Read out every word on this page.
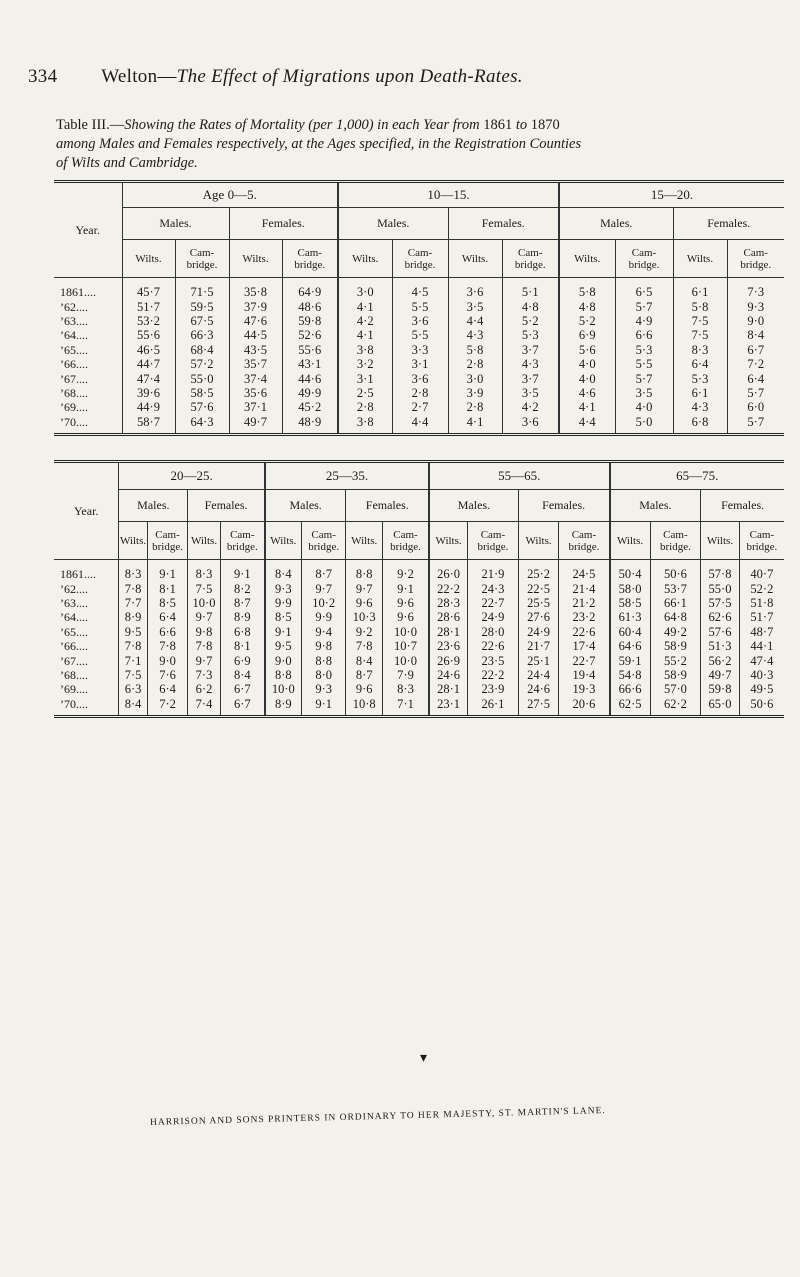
334 Welton—The Effect of Migrations upon Death-Rates.
Table III.—Showing the Rates of Mortality (per 1,000) in each Year from 1861 to 1870
among Males and Females respectively, at the Ages specified, in the Registration Counties
of Wilts and Cambridge.
Year.	Age 0—5.				10—15.				15—20.			
	Males.		Females.		Males.		Females.		Males.		Females.	
	Wilts.	Cam-
bridge.	Wilts.	Cam-
bridge.	Wilts.	Cam-
bridge.	Wilts.	Cam-
bridge.	Wilts.	Cam-
bridge.	Wilts.	Cam-
bridge.
1861....	45·7	71·5	35·8	64·9	3·0	4·5	3·6	5·1	5·8	6·5	6·1	7·3
’62....	51·7	59·5	37·9	48·6	4·1	5·5	3·5	4·8	4·8	5·7	5·8	9·3
’63....	53·2	67·5	47·6	59·8	4·2	3·6	4·4	5·2	5·2	4·9	7·5	9·0
’64....	55·6	66·3	44·5	52·6	4·1	5·5	4·3	5·3	6·9	6·6	7·5	8·4
’65....	46·5	68·4	43·5	55·6	3·8	3·3	5·8	3·7	5·6	5·3	8·3	6·7
’66....	44·7	57·2	35·7	43·1	3·2	3·1	2·8	4·3	4·0	5·5	6·4	7·2
’67....	47·4	55·0	37·4	44·6	3·1	3·6	3·0	3·7	4·0	5·7	5·3	6·4
’68....	39·6	58·5	35·6	49·9	2·5	2·8	3·9	3·5	4·6	3·5	6·1	5·7
’69....	44·9	57·6	37·1	45·2	2·8	2·7	2·8	4·2	4·1	4·0	4·3	6·0
’70....	58·7	64·3	49·7	48·9	3·8	4·4	4·1	3·6	4·4	5·0	6·8	5·7
Year.	20—25.				25—35.				55—65.				65—75.			
	Males.		Females.		Males.		Females.		Males.		Females.		Males.		Females.	
	Wilts.	Cam-
bridge.	Wilts.	Cam-
bridge.	Wilts.	Cam-
bridge.	Wilts.	Cam-
bridge.	Wilts.	Cam-
bridge.	Wilts.	Cam-
bridge.	Wilts.	Cam-
bridge.	Wilts.	Cam-
bridge.
1861....	8·3	9·1	8·3	9·1	8·4	8·7	8·8	9·2	26·0	21·9	25·2	24·5	50·4	50·6	57·8	40·7
’62....	7·8	8·1	7·5	8·2	9·3	9·7	9·7	9·1	22·2	24·3	22·5	21·4	58·0	53·7	55·0	52·2
’63....	7·7	8·5	10·0	8·7	9·9	10·2	9·6	9·6	28·3	22·7	25·5	21·2	58·5	66·1	57·5	51·8
’64....	8·9	6·4	9·7	8·9	8·5	9·9	10·3	9·6	28·6	24·9	27·6	23·2	61·3	64·8	62·6	51·7
’65....	9·5	6·6	9·8	6·8	9·1	9·4	9·2	10·0	28·1	28·0	24·9	22·6	60·4	49·2	57·6	48·7
’66....	7·8	7·8	7·8	8·1	9·5	9·8	7·8	10·7	23·6	22·6	21·7	17·4	64·6	58·9	51·3	44·1
’67....	7·1	9·0	9·7	6·9	9·0	8·8	8·4	10·0	26·9	23·5	25·1	22·7	59·1	55·2	56·2	47·4
’68....	7·5	7·6	7·3	8·4	8·8	8·0	8·7	7·9	24·6	22·2	24·4	19·4	54·8	58·9	49·7	40·3
’69....	6·3	6·4	6·2	6·7	10·0	9·3	9·6	8·3	28·1	23·9	24·6	19·3	66·6	57·0	59·8	49·5
’70....	8·4	7·2	7·4	6·7	8·9	9·1	10·8	7·1	23·1	26·1	27·5	20·6	62·5	62·2	65·0	50·6
▾
HARRISON AND SONS PRINTERS IN ORDINARY TO HER MAJESTY, ST. MARTIN'S LANE.
